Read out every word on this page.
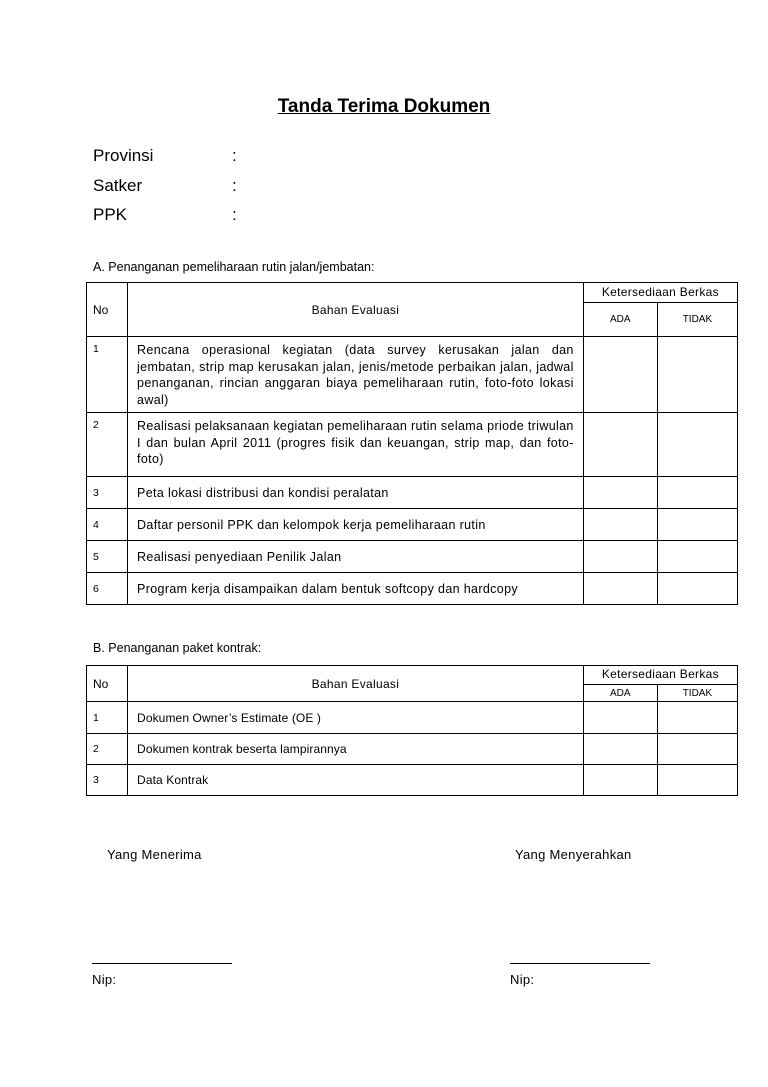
Tanda Terima Dokumen
Provinsi	:
Satker	:
PPK	:
A. Penanganan pemeliharaan rutin jalan/jembatan:
No	Bahan Evaluasi	Ketersediaan Berkas	
		ADA	TIDAK
1	Rencana operasional kegiatan (data survey kerusakan jalan dan jembatan, strip map kerusakan jalan, jenis/metode perbaikan jalan, jadwal penanganan, rincian anggaran biaya pemeliharaan rutin, foto-foto lokasi awal)		
2	Realisasi pelaksanaan kegiatan pemeliharaan rutin selama priode triwulan I dan bulan April 2011 (progres fisik dan keuangan, strip map, dan foto-foto)		
3	Peta lokasi distribusi dan kondisi peralatan		
4	Daftar personil PPK dan kelompok kerja pemeliharaan rutin		
5	Realisasi penyediaan Penilik Jalan		
6	Program kerja disampaikan dalam bentuk softcopy dan hardcopy		
B. Penanganan paket kontrak:
No	Bahan Evaluasi	Ketersediaan Berkas	
		ADA	TIDAK
1	Dokumen Owner’s Estimate (OE )		
2	Dokumen kontrak beserta lampirannya		
3	Data Kontrak		
Yang Menerima	Yang Menyerahkan
Nip:	Nip:
